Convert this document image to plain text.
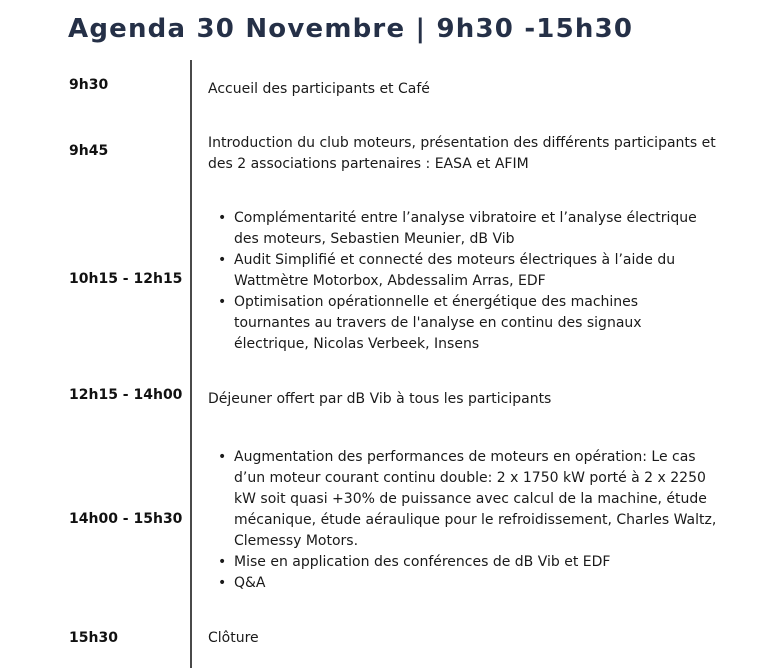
Agenda 30 Novembre | 9h30 -15h30
9h30	Accueil des participants et Café
9h45	Introduction du club moteurs, présentation des différents participants et des 2 associations partenaires : EASA et AFIM
10h15 - 12h15
• Complémentarité entre l’analyse vibratoire et l’analyse électrique des moteurs, Sebastien Meunier, dB Vib
• Audit Simplifié et connecté des moteurs électriques à l’aide du Wattmètre Motorbox, Abdessalim Arras, EDF
• Optimisation opérationnelle et énergétique des machines tournantes au travers de l'analyse en continu des signaux électrique, Nicolas Verbeek, Insens
12h15 - 14h00 Déjeuner offert par dB Vib à tous les participants
14h00 - 15h30
• Augmentation des performances de moteurs en opération: Le cas d’un moteur courant continu double: 2 x 1750 kW porté à 2 x 2250 kW soit quasi +30% de puissance avec calcul de la machine, étude mécanique, étude aéraulique pour le refroidissement, Charles Waltz, Clemessy Motors.
• Mise en application des conférences de dB Vib et EDF
• Q&A
15h30	Clôture
